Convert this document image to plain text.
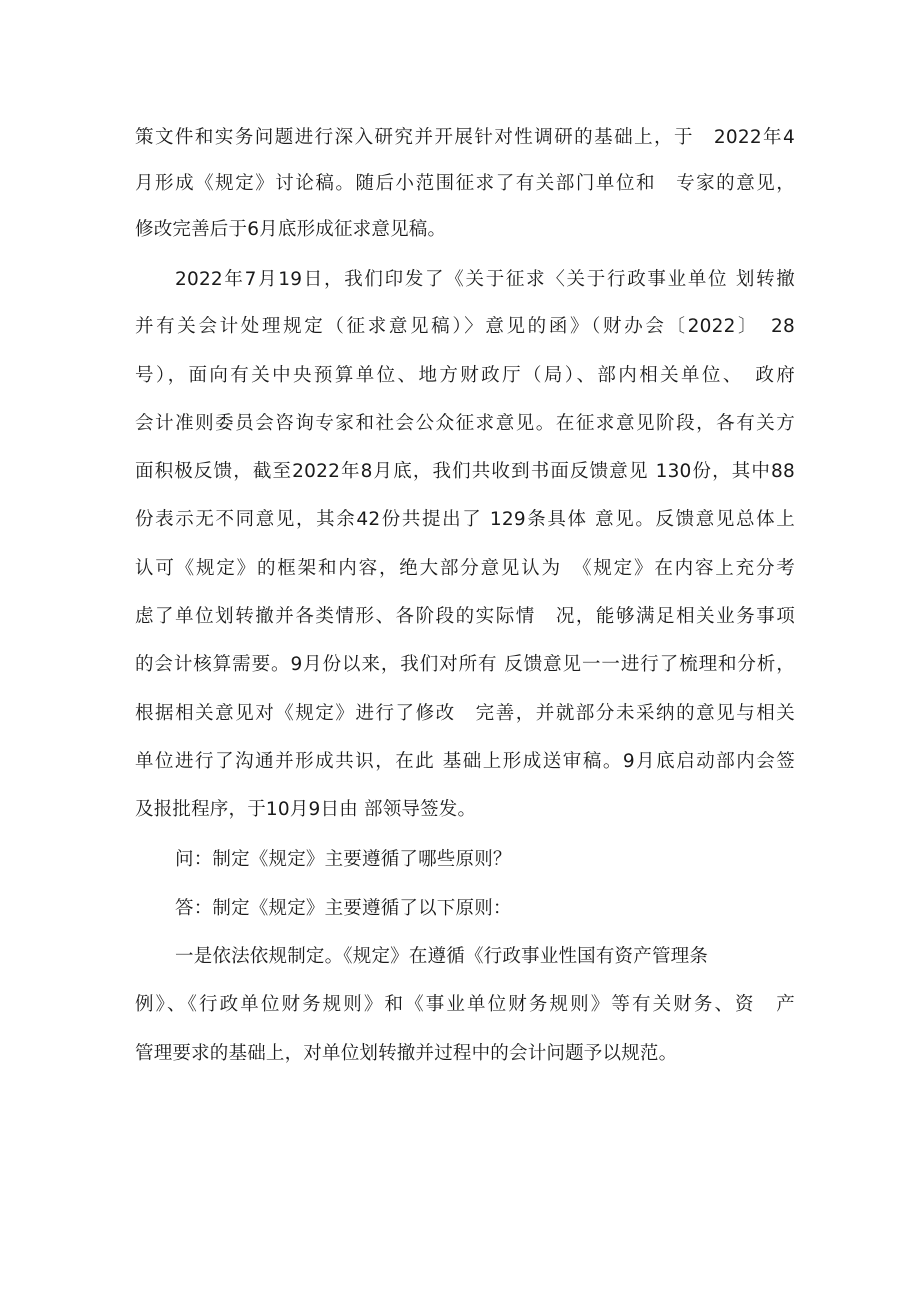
策文件和实务问题进行深入研究并开展针对性调研的基础上，于　2022年4
月形成《规定》讨论稿。随后小范围征求了有关部门单位和　专家的意见，
修改完善后于6月底形成征求意见稿。
2022年7月19日，我们印发了《关于征求〈关于行政事业单位 划转撤
并有关会计处理规定（征求意见稿）〉意见的函》（财办会〔2022〕　28
号），面向有关中央预算单位、地方财政厅（局）、部内相关单位、　政府
会计准则委员会咨询专家和社会公众征求意见。在征求意见阶段，各有关方
面积极反馈，截至2022年8月底，我们共收到书面反馈意见 130份，其中88
份表示无不同意见，其余42份共提出了 129条具体 意见。反馈意见总体上
认可《规定》的框架和内容，绝大部分意见认为　《规定》在内容上充分考
虑了单位划转撤并各类情形、各阶段的实际情　况，能够满足相关业务事项
的会计核算需要。9月份以来，我们对所有 反馈意见一一进行了梳理和分析，
根据相关意见对《规定》进行了修改　完善，并就部分未采纳的意见与相关
单位进行了沟通并形成共识，在此 基础上形成送审稿。9月底启动部内会签
及报批程序，于10月9日由 部领导签发。
问：制定《规定》主要遵循了哪些原则？
答：制定《规定》主要遵循了以下原则：
一是依法依规制定。《规定》在遵循《行政事业性国有资产管理条
例》、《行政单位财务规则》和《事业单位财务规则》等有关财务、资　产
管理要求的基础上，对单位划转撤并过程中的会计问题予以规范。
